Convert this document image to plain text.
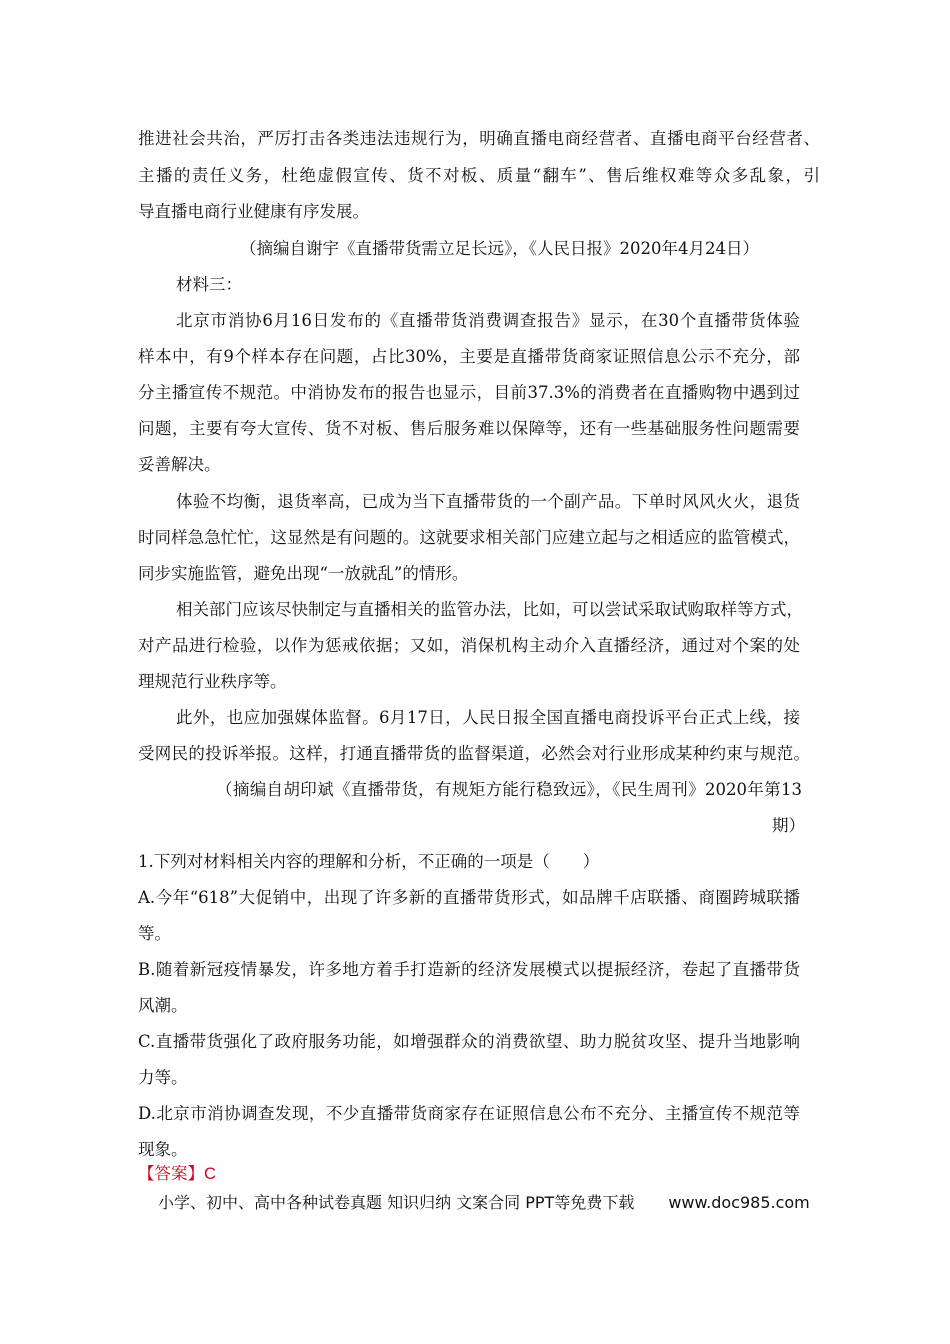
推进社会共治，严厉打击各类违法违规行为，明确直播电商经营者、直播电商平台经营者、

主播的责任义务，杜绝虚假宣传、货不对板、质量“翻车”、售后维权难等众多乱象，引

导直播电商行业健康有序发展。

（摘编自谢宇《直播带货需立足长远》，《人民日报》2020年4月24日）

材料三：

北京市消协6月16日发布的《直播带货消费调查报告》显示，在30个直播带货体验

样本中，有9个样本存在问题，占比30%，主要是直播带货商家证照信息公示不充分，部

分主播宣传不规范。中消协发布的报告也显示，目前37.3%的消费者在直播购物中遇到过

问题，主要有夸大宣传、货不对板、售后服务难以保障等，还有一些基础服务性问题需要

妥善解决。

体验不均衡，退货率高，已成为当下直播带货的一个副产品。下单时风风火火，退货

时同样急急忙忙，这显然是有问题的。这就要求相关部门应建立起与之相适应的监管模式，

同步实施监管，避免出现“一放就乱”的情形。

相关部门应该尽快制定与直播相关的监管办法，比如，可以尝试采取试购取样等方式，

对产品进行检验，以作为惩戒依据；又如，消保机构主动介入直播经济，通过对个案的处

理规范行业秩序等。

此外，也应加强媒体监督。6月17日，人民日报全国直播电商投诉平台正式上线，接

受网民的投诉举报。这样，打通直播带货的监督渠道，必然会对行业形成某种约束与规范。

（摘编自胡印斌《直播带货，有规矩方能行稳致远》，《民生周刊》2020年第13

期）

1.下列对材料相关内容的理解和分析，不正确的一项是（　　）

A.今年“618”大促销中，出现了许多新的直播带货形式，如品牌千店联播、商圈跨城联播

等。

B.随着新冠疫情暴发，许多地方着手打造新的经济发展模式以提振经济，卷起了直播带货

风潮。

C.直播带货强化了政府服务功能，如增强群众的消费欲望、助力脱贫攻坚、提升当地影响

力等。

D.北京市消协调查发现，不少直播带货商家存在证照信息公布不充分、主播宣传不规范等

现象。

【答案】C
小学、初中、高中各种试卷真题 知识归纳 文案合同 PPT等免费下载 www.doc985.com
